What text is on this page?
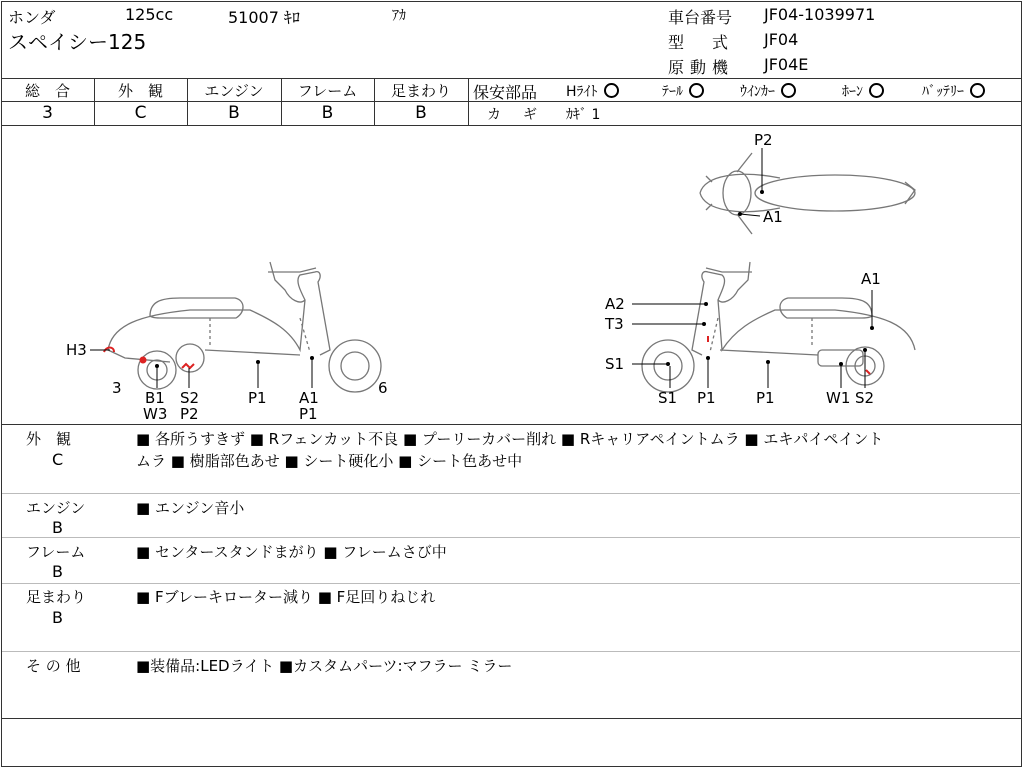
ホンダ	125cc	51007 ｷﾛ	ｱｶ
スペイシー125
車台番号 JF04-1039971
型　式 JF04
原動機 JF04E
総　合	外　観	エンジン	フレーム	足まわり
3	C	B	B	B
保安部品 Hﾗｲﾄ	ﾃｰﾙ	ｳｲﾝｶｰ	ﾎｰﾝ	ﾊﾞｯﾃﾘｰ
カ　ギ ｶｷﾞ 1
H3
3
B1
W3
S2
P2
P1 A1
P1
6
A2
T3
S1
S1 P1	P1	W1 S2
A1
P2
A1
外　観
C
■ 各所うすきず ■ Rフェンカット不良 ■ プーリーカバー削れ ■ Rキャリアペイントムラ ■ エキパイペイント
ムラ ■ 樹脂部色あせ ■ シート硬化小 ■ シート色あせ中
エンジン
B
■ エンジン音小
フレーム
B
■ センタースタンドまがり ■ フレームさび中
足まわり
B
■ Fブレーキローター減り ■ F足回りねじれ
そ の 他	■装備品:LEDライト ■カスタムパーツ:マフラー ミラー
